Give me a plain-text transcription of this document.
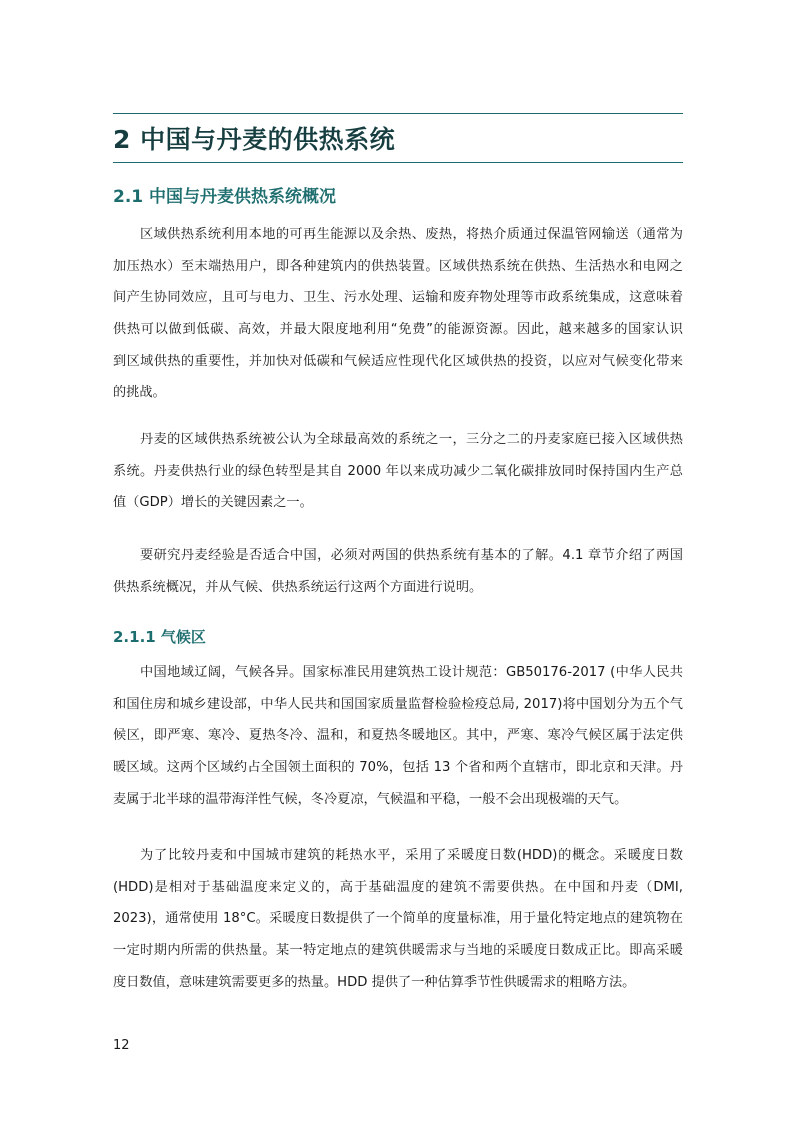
2 中国与丹麦的供热系统
2.1 中国与丹麦供热系统概况

区域供热系统利用本地的可再生能源以及余热、废热，将热介质通过保温管网输送（通常为
加压热水）至末端热用户，即各种建筑内的供热装置。区域供热系统在供热、生活热水和电网之
间产生协同效应，且可与电力、卫生、污水处理、运输和废弃物处理等市政系统集成，这意味着
供热可以做到低碳、高效，并最大限度地利用“免费”的能源资源。因此，越来越多的国家认识
到区域供热的重要性，并加快对低碳和气候适应性现代化区域供热的投资，以应对气候变化带来
的挑战。

丹麦的区域供热系统被公认为全球最高效的系统之一，三分之二的丹麦家庭已接入区域供热
系统。丹麦供热行业的绿色转型是其自 2000 年以来成功减少二氧化碳排放同时保持国内生产总
值（GDP）增长的关键因素之一。

要研究丹麦经验是否适合中国，必须对两国的供热系统有基本的了解。4.1 章节介绍了两国
供热系统概况，并从气候、供热系统运行这两个方面进行说明。

2.1.1 气候区

中国地域辽阔，气候各异。国家标准民用建筑热工设计规范：GB50176-2017 (中华人民共
和国住房和城乡建设部，中华人民共和国国家质量监督检验检疫总局, 2017)将中国划分为五个气
候区，即严寒、寒冷、夏热冬冷、温和，和夏热冬暖地区。其中，严寒、寒冷气候区属于法定供
暖区域。这两个区域约占全国领土面积的 70%，包括 13 个省和两个直辖市，即北京和天津。丹
麦属于北半球的温带海洋性气候，冬冷夏凉，气候温和平稳，一般不会出现极端的天气。

为了比较丹麦和中国城市建筑的耗热水平，采用了采暖度日数(HDD)的概念。采暖度日数
(HDD)是相对于基础温度来定义的，高于基础温度的建筑不需要供热。在中国和丹麦（DMI,
2023)，通常使用 18°C。采暖度日数提供了一个简单的度量标准，用于量化特定地点的建筑物在
一定时期内所需的供热量。某一特定地点的建筑供暖需求与当地的采暖度日数成正比。即高采暖
度日数值，意味建筑需要更多的热量。HDD 提供了一种估算季节性供暖需求的粗略方法。

12
